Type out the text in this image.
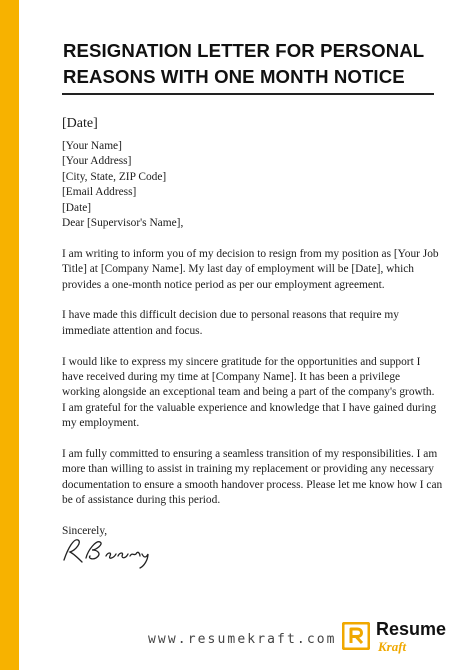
RESIGNATION LETTER FOR PERSONAL
REASONS WITH ONE MONTH NOTICE
[Date]
[Your Name]
[Your Address]
[City, State, ZIP Code]
[Email Address]
[Date]
Dear [Supervisor's Name],
I am writing to inform you of my decision to resign from my position as [Your Job
Title] at [Company Name]. My last day of employment will be [Date], which
provides a one-month notice period as per our employment agreement.
I have made this difficult decision due to personal reasons that require my
immediate attention and focus.
I would like to express my sincere gratitude for the opportunities and support I
have received during my time at [Company Name]. It has been a privilege
working alongside an exceptional team and being a part of the company's growth.
I am grateful for the valuable experience and knowledge that I have gained during
my employment.
I am fully committed to ensuring a seamless transition of my responsibilities. I am
more than willing to assist in training my replacement or providing any necessary
documentation to ensure a smooth handover process. Please let me know how I can
be of assistance during this period.
Sincerely,
www.resumekraft.com
Resume
Kraft
